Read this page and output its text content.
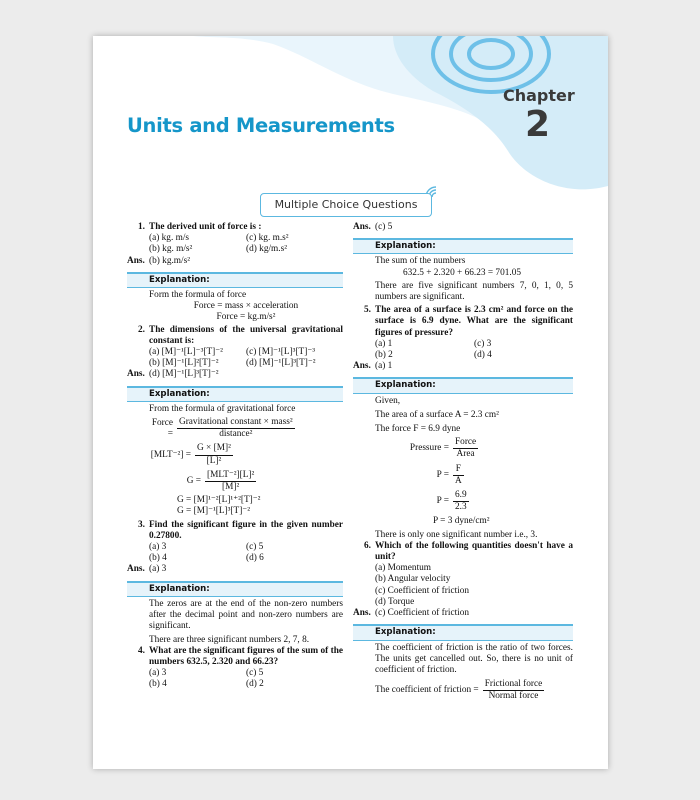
Units and Measurements
Chapter
2
Multiple Choice Questions
1. The derived unit of force is :
(a) kg. m/s	(c) kg. m.s²
(b) kg. m/s²	(d) kg/m.s²
Ans. (b) kg.m/s²
Explanation:
Form the formula of force
Force = mass × acceleration
Force = kg.m/s²
2. The dimensions of the universal gravitational constant is:
(a) [M]⁻¹[L]⁻³[T]⁻²	(c) [M]⁻¹[L]³[T]⁻³
(b) [M]⁻¹[L]²[T]⁻²	(d) [M]⁻¹[L]³[T]⁻²
Ans. (d) [M]⁻¹[L]³[T]⁻²
Explanation:
From the formula of gravitational force
Force = $\frac{\text{Gravitational constant × mass²}}{\text{distance²}}$
$[MLT^{-2}] = \frac{\text{G × [M]²}}{\text{[L]²}}$
$G = \frac{\text{[MLT⁻²][L]²}}{\text{[M]²}}$
G = [M]¹⁻²[L]¹⁺²[T]⁻²
G = [M]⁻¹[L]³[T]⁻²
3. Find the significant figure in the given number 0.27800.
(a) 3	(c) 5
(b) 4	(d) 6
Ans. (a) 3
Explanation:
The zeros are at the end of the non-zero numbers after the decimal point and non-zero numbers are significant.
There are three significant numbers 2, 7, 8.
4. What are the significant figures of the sum of the numbers 632.5, 2.320 and 66.23?
(a) 3	(c) 5
(b) 4	(d) 2
Ans. (c) 5
Explanation:
The sum of the numbers
632.5 + 2.320 + 66.23 = 701.05
There are five significant numbers 7, 0, 1, 0, 5 numbers are significant.
5. The area of a surface is 2.3 cm² and force on the surface is 6.9 dyne. What are the significant figures of pressure?
(a) 1	(c) 3
(b) 2	(d) 4
Ans. (a) 1
Explanation:
Given,
The area of a surface A = 2.3 cm²
The force F = 6.9 dyne
Pressure = $\frac{\text{Force}}{\text{Area}}$
$P = \frac{F}{A}$
$P = \frac{6.9}{2.3}$
P = 3 dyne/cm²
There is only one significant number i.e., 3.
6. Which of the following quantities doesn't have a unit?
(a) Momentum
(b) Angular velocity
(c) Coefficient of friction
(d) Torque
Ans. (c) Coefficient of friction
Explanation:
The coefficient of friction is the ratio of two forces. The units get cancelled out. So, there is no unit of coefficient of friction.
The coefficient of friction = $\frac{\text{Frictional force}}{\text{Normal force}}$
